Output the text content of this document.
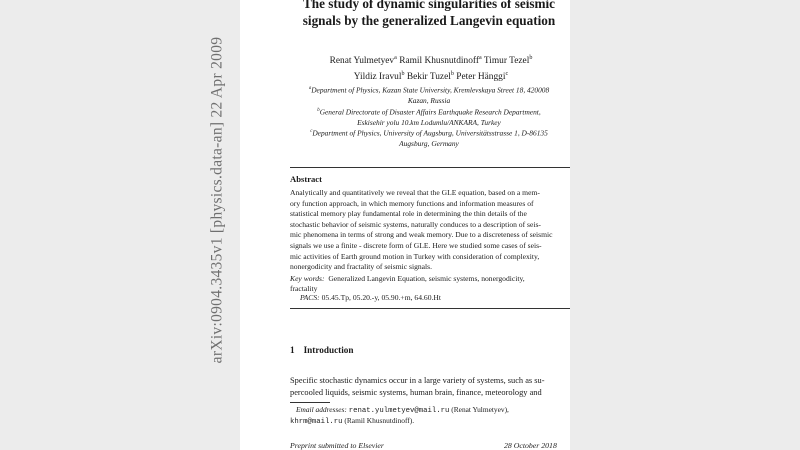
arXiv:0904.3435v1 [physics.data-an] 22 Apr 2009
The study of dynamic singularities of seismic
signals by the generalized Langevin equation
Renat Yulmetyev$^a$ Ramil Khusnutdinoff$^a$ Timur Tezel$^b$
Yildiz Iravul$^b$ Bekir Tuzel$^b$ Peter Hänggi$^c$
$^a$Department of Physics, Kazan State University, Kremlevskaya Street 18, 420008
Kazan, Russia
$^b$General Directorate of Disaster Affairs Earthquake Research Department,
Eskisehir yolu 10.km Lodumlu/ANKARA, Turkey
$^c$Department of Physics, University of Augsburg, Universitätsstrasse 1, D-86135
Augsburg, Germany
Abstract
Analytically and quantitatively we reveal that the GLE equation, based on a mem-
ory function approach, in which memory functions and information measures of
statistical memory play fundamental role in determining the thin details of the
stochastic behavior of seismic systems, naturally conduces to a description of seis-
mic phenomena in terms of strong and weak memory. Due to a discreteness of seismic
signals we use a finite - discrete form of GLE. Here we studied some cases of seis-
mic activities of Earth ground motion in Turkey with consideration of complexity,
nonergodicity and fractality of seismic signals.
Key words: Generalized Langevin Equation, seismic systems, nonergodicity,
fractality
PACS: 05.45.Tp, 05.20.-y, 05.90.+m, 64.60.Ht
1 Introduction
Specific stochastic dynamics occur in a large variety of systems, such as su-
percooled liquids, seismic systems, human brain, finance, meteorology and
Email addresses: renat.yulmetyev@mail.ru (Renat Yulmetyev),
khrm@mail.ru (Ramil Khusnutdinoff).
Preprint submitted to Elsevier	28 October 2018
